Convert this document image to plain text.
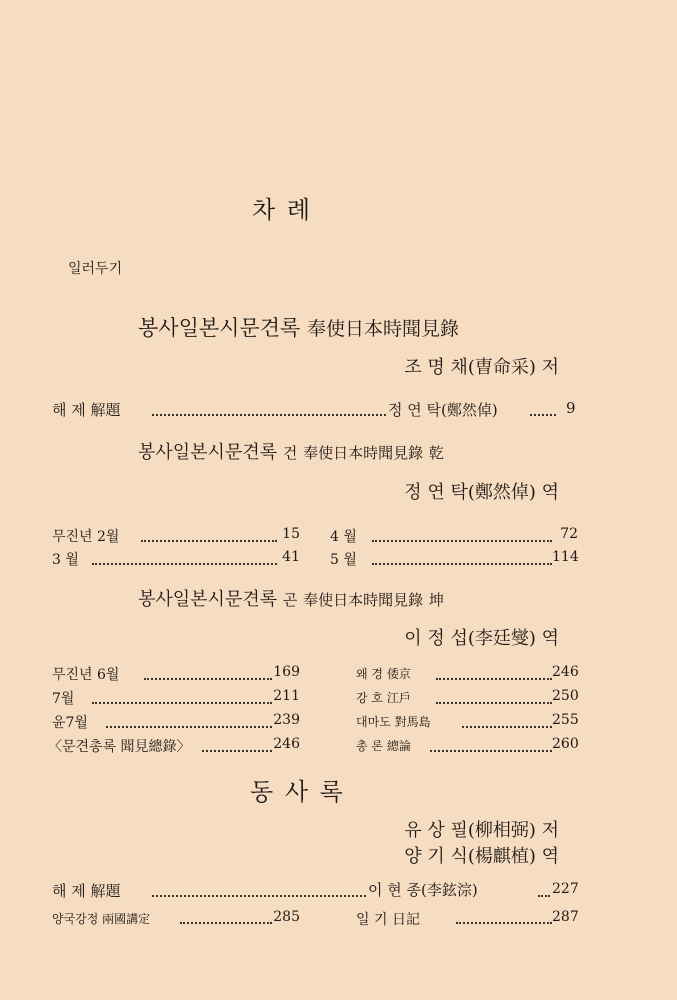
차 례
일러두기
봉사일본시문견록 奉使日本時聞見錄
조 명 채(曺命采) 저
해 제 解題	정 연 탁(鄭然倬)	9
봉사일본시문견록 건 奉使日本時聞見錄 乾
정 연 탁(鄭然倬) 역
무진년 2월	15 4 월	72
3 월	41 5 월	114
봉사일본시문견록 곤 奉使日本時聞見錄 坤
이 정 섭(李廷燮) 역
무진년 6월	169
7월	211
윤7월	239
〈문견총록 聞見總錄〉	246
왜 경 倭京	246
강 호 江戶	250
대마도 對馬島	255
총 론 總論	260
동 사 록
유 상 필(柳相弼) 저
양 기 식(楊麒植) 역
해 제 解題	이 현 종(李鉉淙)	227
양국강정 兩國講定	285	일 기 日記	287
